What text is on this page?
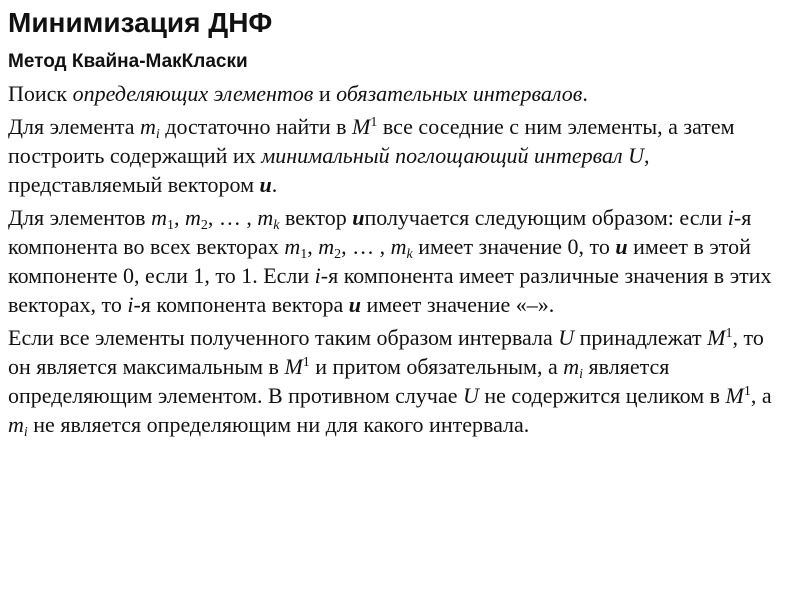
Минимизация ДНФ
Метод Квайна-МакКласки

Поиск определяющих элементов и обязательных интервалов.

Для элемента $m_i$ достаточно найти в $M^1$ все соседние с ним элементы, а затем построить содержащий их минимальный поглощающий интервал U, представляемый вектором u.

Для элементов $m_1$, $m_2$, … , $m_k$ вектор uполучается следующим образом: если i-я компонента во всех векторах $m_1$, $m_2$, … , $m_k$ имеет значение 0, то u имеет в этой компоненте 0, если 1, то 1. Если i-я компонента имеет различные значения в этих векторах, то i-я компонента вектора u имеет значение «–».

Если все элементы полученного таким образом интервала U принадлежат $M^1$, то он является максимальным в $M^1$ и притом обязательным, а $m_i$ является определяющим элементом. В противном случае U не содержится целиком в $M^1$, а $m_i$ не является определяющим ни для какого интервала.
